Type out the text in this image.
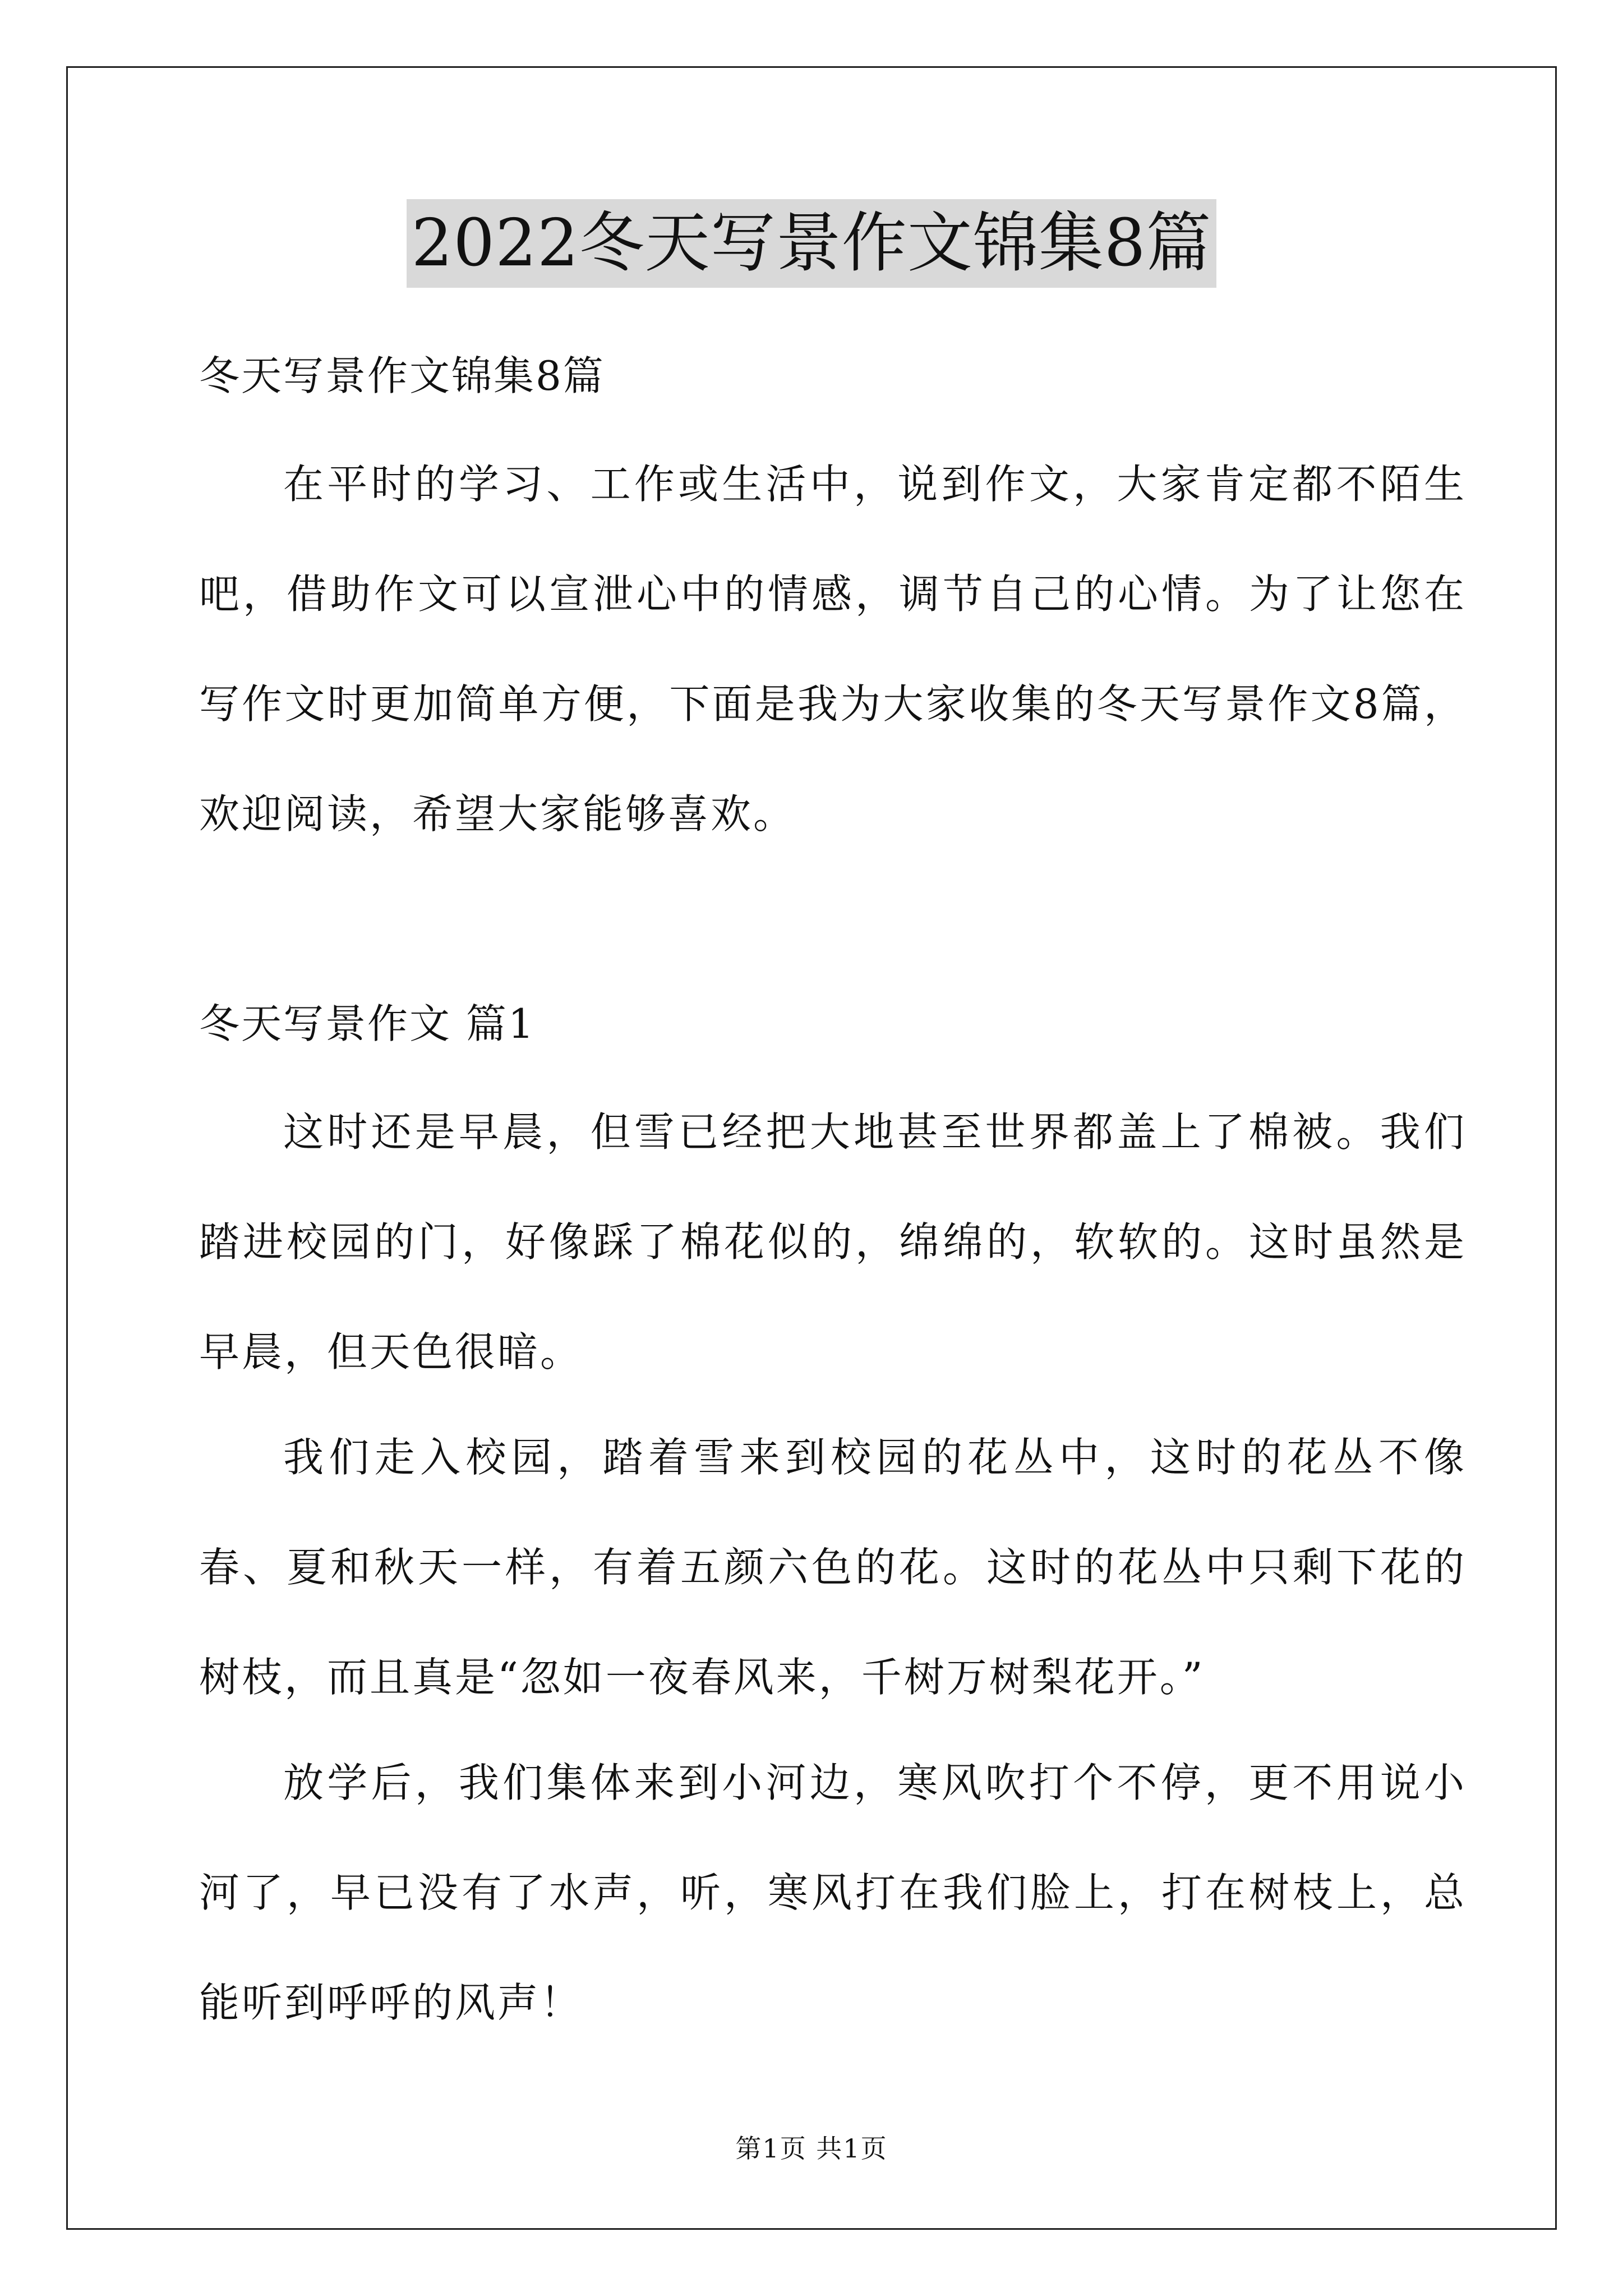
2022冬天写景作文锦集8篇
冬天写景作文锦集8篇
在平时的学习、工作或生活中，说到作文，大家肯定都不陌生吧，借助作文可以宣泄心中的情感，调节自己的心情。为了让您在写作文时更加简单方便，下面是我为大家收集的冬天写景作文8篇，欢迎阅读，希望大家能够喜欢。
冬天写景作文 篇1
这时还是早晨，但雪已经把大地甚至世界都盖上了棉被。我们踏进校园的门，好像踩了棉花似的，绵绵的，软软的。这时虽然是早晨，但天色很暗。
我们走入校园，踏着雪来到校园的花丛中，这时的花丛不像春、夏和秋天一样，有着五颜六色的花。这时的花丛中只剩下花的树枝，而且真是“忽如一夜春风来，千树万树梨花开。”
放学后，我们集体来到小河边，寒风吹打个不停，更不用说小河了，早已没有了水声，听，寒风打在我们脸上，打在树枝上，总能听到呼呼的风声！
第1页 共1页
